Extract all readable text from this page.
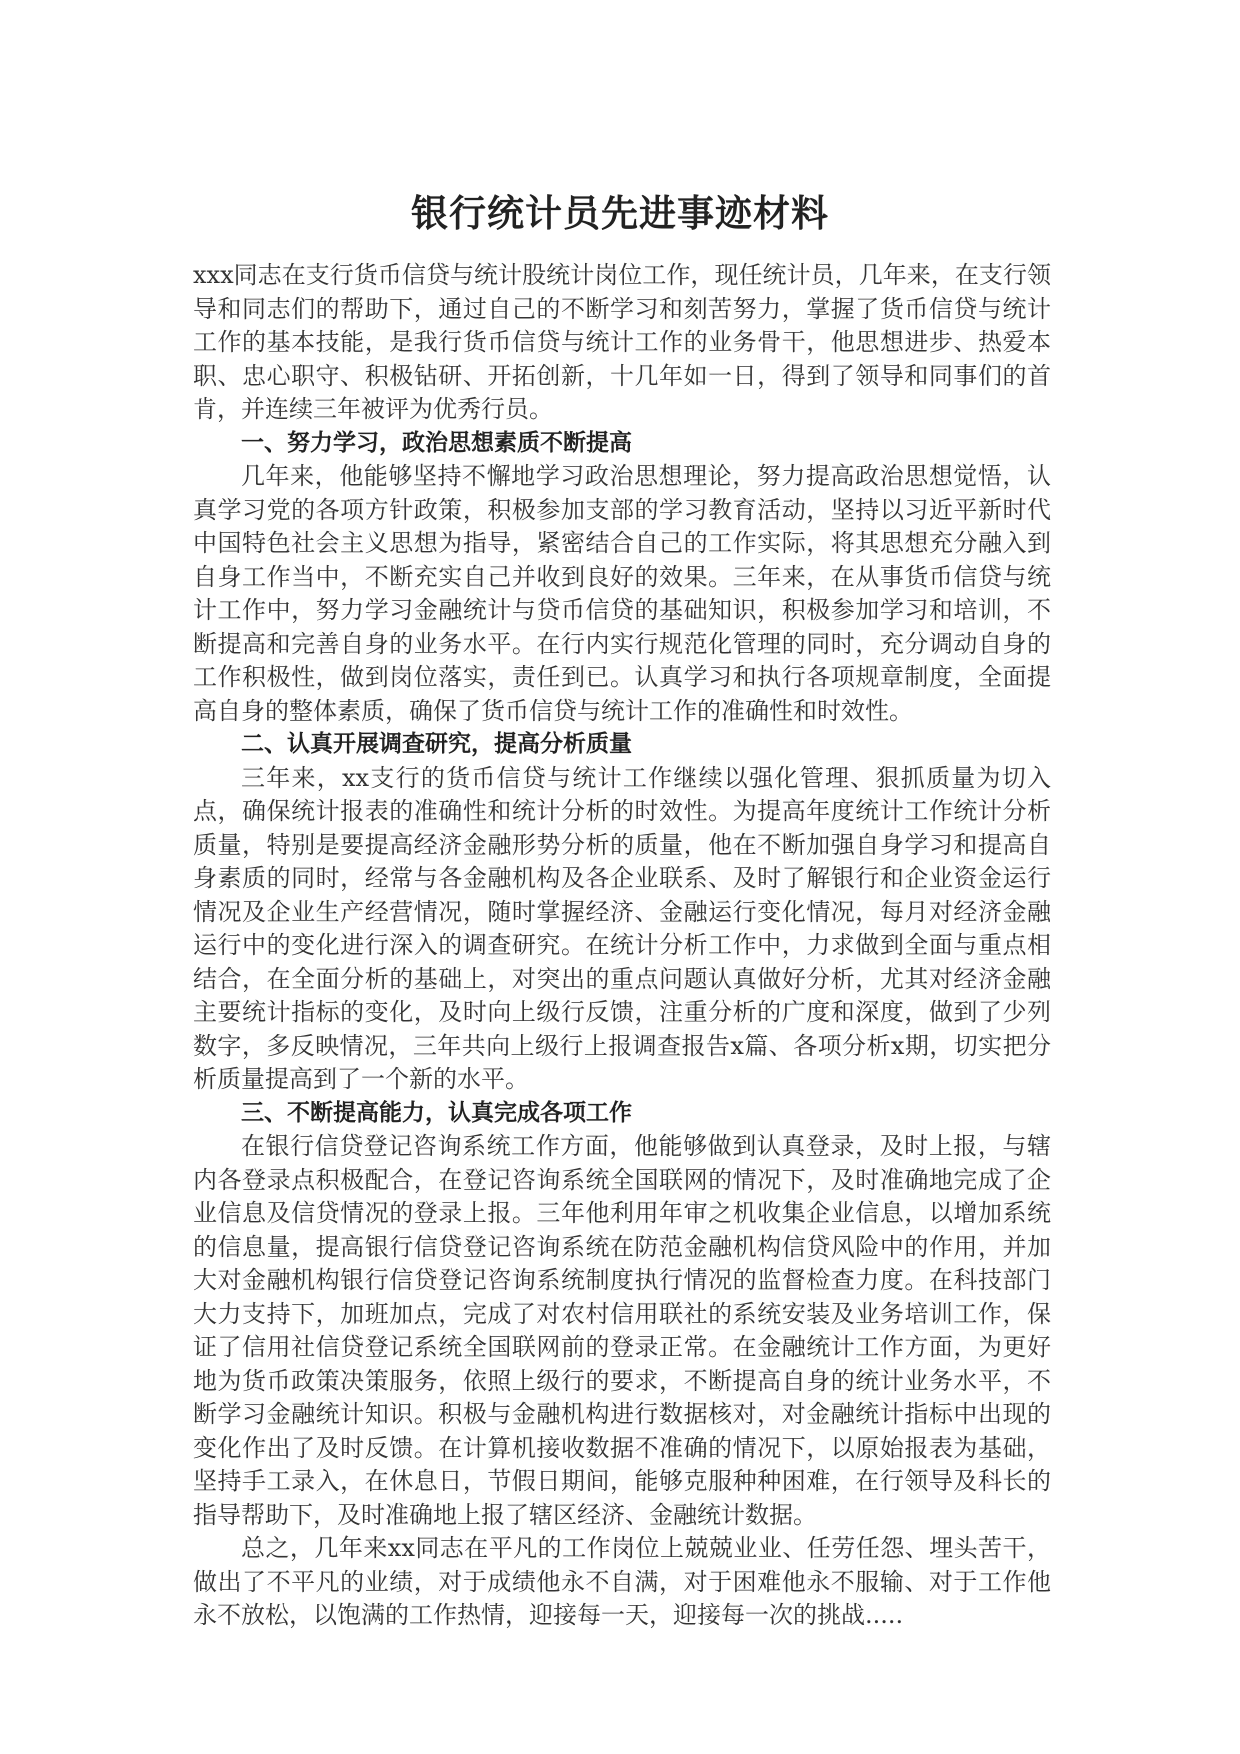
银行统计员先进事迹材料

xxx同志在支行货币信贷与统计股统计岗位工作，现任统计员，几年来，在支行领导和同志们的帮助下，通过自己的不断学习和刻苦努力，掌握了货币信贷与统计工作的基本技能，是我行货币信贷与统计工作的业务骨干，他思想进步、热爱本职、忠心职守、积极钻研、开拓创新，十几年如一日，得到了领导和同事们的首肯，并连续三年被评为优秀行员。

一、努力学习，政治思想素质不断提高

几年来，他能够坚持不懈地学习政治思想理论，努力提高政治思想觉悟，认真学习党的各项方针政策，积极参加支部的学习教育活动，坚持以习近平新时代中国特色社会主义思想为指导，紧密结合自己的工作实际，将其思想充分融入到自身工作当中，不断充实自己并收到良好的效果。三年来，在从事货币信贷与统计工作中，努力学习金融统计与贷币信贷的基础知识，积极参加学习和培训，不断提高和完善自身的业务水平。在行内实行规范化管理的同时，充分调动自身的工作积极性，做到岗位落实，责任到已。认真学习和执行各项规章制度，全面提高自身的整体素质，确保了货币信贷与统计工作的准确性和时效性。

二、认真开展调查研究，提高分析质量

三年来，xx支行的货币信贷与统计工作继续以强化管理、狠抓质量为切入点，确保统计报表的准确性和统计分析的时效性。为提高年度统计工作统计分析质量，特别是要提高经济金融形势分析的质量，他在不断加强自身学习和提高自身素质的同时，经常与各金融机构及各企业联系、及时了解银行和企业资金运行情况及企业生产经营情况，随时掌握经济、金融运行变化情况，每月对经济金融运行中的变化进行深入的调查研究。在统计分析工作中，力求做到全面与重点相结合，在全面分析的基础上，对突出的重点问题认真做好分析，尤其对经济金融主要统计指标的变化，及时向上级行反馈，注重分析的广度和深度，做到了少列数字，多反映情况，三年共向上级行上报调查报告x篇、各项分析x期，切实把分析质量提高到了一个新的水平。

三、不断提高能力，认真完成各项工作

在银行信贷登记咨询系统工作方面，他能够做到认真登录，及时上报，与辖内各登录点积极配合，在登记咨询系统全国联网的情况下，及时准确地完成了企业信息及信贷情况的登录上报。三年他利用年审之机收集企业信息，以增加系统的信息量，提高银行信贷登记咨询系统在防范金融机构信贷风险中的作用，并加大对金融机构银行信贷登记咨询系统制度执行情况的监督检查力度。在科技部门大力支持下，加班加点，完成了对农村信用联社的系统安装及业务培训工作，保证了信用社信贷登记系统全国联网前的登录正常。在金融统计工作方面，为更好地为货币政策决策服务，依照上级行的要求，不断提高自身的统计业务水平，不断学习金融统计知识。积极与金融机构进行数据核对，对金融统计指标中出现的变化作出了及时反馈。在计算机接收数据不准确的情况下，以原始报表为基础，坚持手工录入，在休息日，节假日期间，能够克服种种困难，在行领导及科长的指导帮助下，及时准确地上报了辖区经济、金融统计数据。

总之，几年来xx同志在平凡的工作岗位上兢兢业业、任劳任怨、埋头苦干，做出了不平凡的业绩，对于成绩他永不自满，对于困难他永不服输、对于工作他永不放松，以饱满的工作热情，迎接每一天，迎接每一次的挑战.....
